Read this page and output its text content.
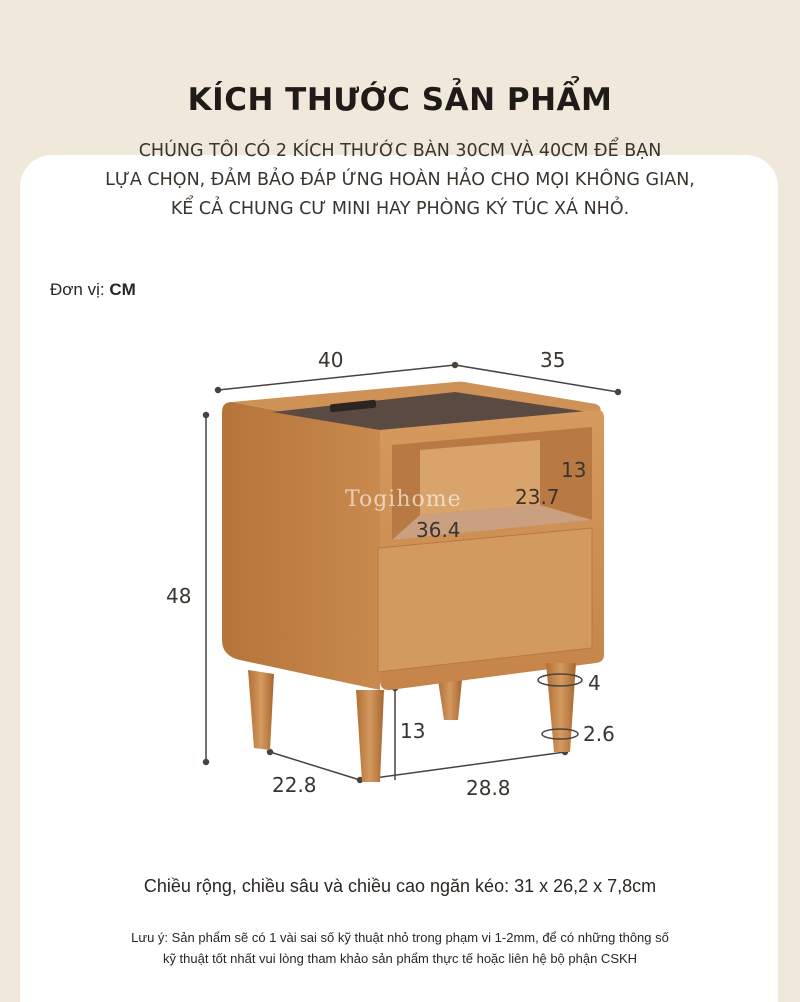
KÍCH THƯỚC SẢN PHẨM
CHÚNG TÔI CÓ 2 KÍCH THƯỚC BÀN 30CM VÀ 40CM ĐỂ BẠN
LỰA CHỌN, ĐẢM BẢO ĐÁP ỨNG HOÀN HẢO CHO MỌI KHÔNG GIAN,
KỂ CẢ CHUNG CƯ MINI HAY PHÒNG KÝ TÚC XÁ NHỎ.
Đơn vị: CM
Togihome
40	35
48
13
23.7
36.4
4
2.6
13
22.8	28.8
Chiều rộng, chiều sâu và chiều cao ngăn kéo: 31 x 26,2 x 7,8cm
Lưu ý: Sản phẩm sẽ có 1 vài sai số kỹ thuật nhỏ trong phạm vi 1-2mm, để có những thông số
kỹ thuật tốt nhất vui lòng tham khảo sản phẩm thực tế hoặc liên hệ bộ phận CSKH
